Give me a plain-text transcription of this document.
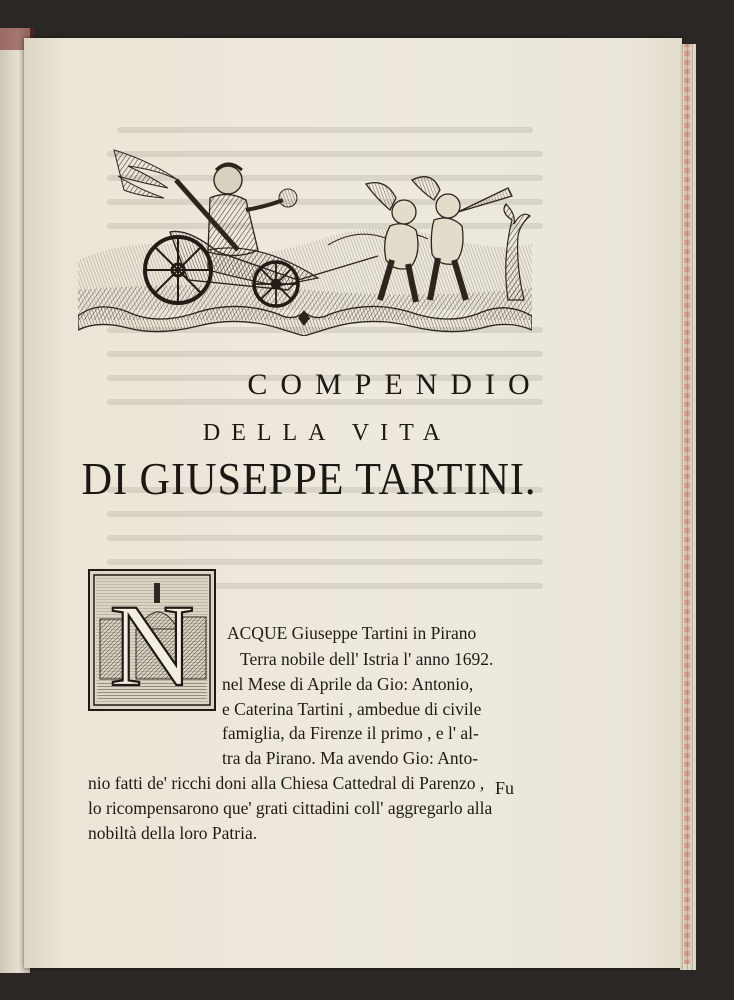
COMPENDIO
DELLA VITA
DI GIUSEPPE TARTINI.
N ACQUE Giuseppe Tartini in Pirano
Terra nobile dell' Istria l' anno 1692.
nel Mese di Aprile da Gio: Antonio,
e Caterina Tartini , ambedue di civile
famiglia, da Firenze il primo , e l' al-
tra da Pirano. Ma avendo Gio: Anto-
nio fatti de' ricchi doni alla Chiesa Cattedral di Parenzo ,
lo ricompensarono que' grati cittadini coll' aggregarlo alla
nobiltà della loro Patria.
Fu
